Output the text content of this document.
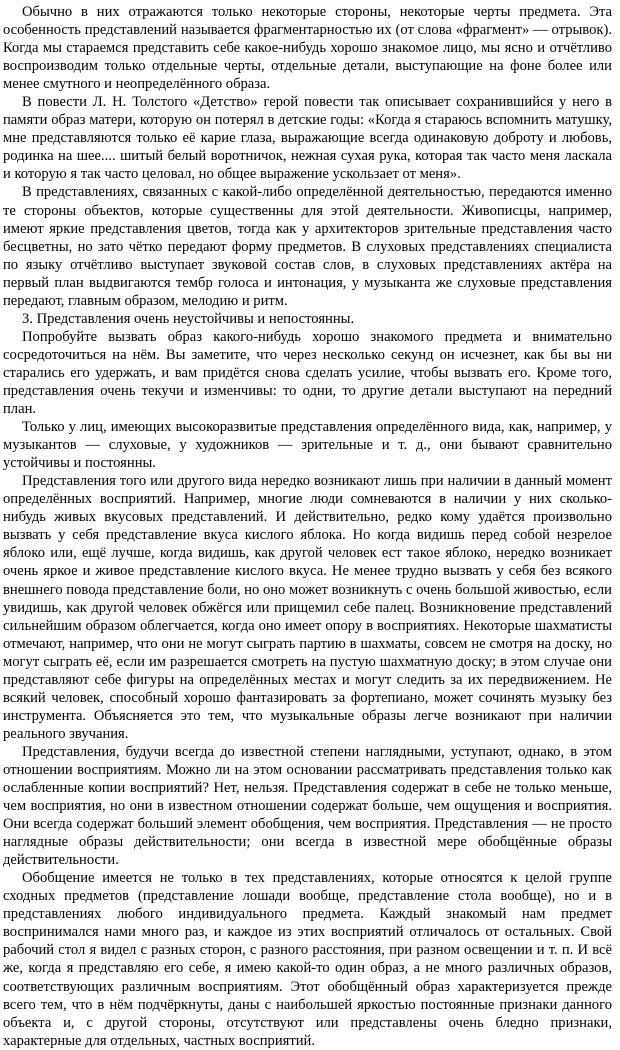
Обычно в них отражаются только некоторые стороны, некоторые черты предмета. Эта особенность представлений называется фрагментарностью их (от слова «фрагмент» — отрывок). Когда мы стараемся представить себе какое-нибудь хорошо знакомое лицо, мы ясно и отчётливо воспроизводим только отдельные черты, отдельные детали, выступающие на фоне более или менее смутного и неопределённого образа.

В повести Л. Н. Толстого «Детство» герой повести так описывает сохранившийся у него в памяти образ матери, которую он потерял в детские годы: «Когда я стараюсь вспомнить матушку, мне представляются только её карие глаза, выражающие всегда одинаковую доброту и любовь, родинка на шее.... шитый белый воротничок, нежная сухая рука, которая так часто меня ласкала и которую я так часто целовал, но общее выражение ускользает от меня».

В представлениях, связанных с какой-либо определённой деятельностью, передаются именно те стороны объектов, которые существенны для этой деятельности. Живописцы, например, имеют яркие представления цветов, тогда как у архитекторов зрительные представления часто бесцветны, но зато чётко передают форму предметов. В слуховых представлениях специалиста по языку отчётливо выступает звуковой состав слов, в слуховых представлениях актёра на первый план выдвигаются тембр голоса и интонация, у музыканта же слуховые представления передают, главным образом, мелодию и ритм.

3. Представления очень неустойчивы и непостоянны.

Попробуйте вызвать образ какого-нибудь хорошо знакомого предмета и внимательно сосредоточиться на нём. Вы заметите, что через несколько секунд он исчезнет, как бы вы ни старались его удержать, и вам придётся снова сделать усилие, чтобы вызвать его. Кроме того, представления очень текучи и изменчивы: то одни, то другие детали выступают на передний план.

Только у лиц, имеющих высокоразвитые представления определённого вида, как, например, у музыкантов — слуховые, у художников — зрительные и т. д., они бывают сравнительно устойчивы и постоянны.

Представления того или другого вида нередко возникают лишь при наличии в данный момент определённых восприятий. Например, многие люди сомневаются в наличии у них сколько-нибудь живых вкусовых представлений. И действительно, редко кому удаётся произвольно вызвать у себя представление вкуса кислого яблока. Но когда видишь перед собой незрелое яблоко или, ещё лучше, когда видишь, как другой человек ест такое яблоко, нередко возникает очень яркое и живое представление кислого вкуса. Не менее трудно вызвать у себя без всякого внешнего повода представление боли, но оно может возникнуть с очень большой живостью, если увидишь, как другой человек обжёгся или прищемил себе палец. Возникновение представлений сильнейшим образом облегчается, когда оно имеет опору в восприятиях. Некоторые шахматисты отмечают, например, что они не могут сыграть партию в шахматы, совсем не смотря на доску, но могут сыграть её, если им разрешается смотреть на пустую шахматную доску; в этом случае они представляют себе фигуры на определённых местах и могут следить за их передвижением. Не всякий человек, способный хорошо фантазировать за фортепиано, может сочинять музыку без инструмента. Объясняется это тем, что музыкальные образы легче возникают при наличии реального звучания.

Представления, будучи всегда до известной степени наглядными, уступают, однако, в этом отношении восприятиям. Можно ли на этом основании рассматривать представления только как ослабленные копии восприятий? Нет, нельзя. Представления содержат в себе не только меньше, чем восприятия, но они в известном отношении содержат больше, чем ощущения и восприятия. Они всегда содержат больший элемент обобщения, чем восприятия. Представления — не просто наглядные образы действительности; они всегда в известной мере обобщённые образы действительности.

Обобщение имеется не только в тех представлениях, которые относятся к целой группе сходных предметов (представление лошади вообще, представление стола вообще), но и в представлениях любого индивидуального предмета. Каждый знакомый нам предмет воспринимался нами много раз, и каждое из этих восприятий отличалось от остальных. Свой рабочий стол я видел с разных сторон, с разного расстояния, при разном освещении и т. п. И всё же, когда я представляю его себе, я имею какой-то один образ, а не много различных образов, соответствующих различным восприятиям. Этот обобщённый образ характеризуется прежде всего тем, что в нём подчёркнуты, даны с наибольшей яркостью постоянные признаки данного объекта и, с другой стороны, отсутствуют или представлены очень бледно признаки, характерные для отдельных, частных восприятий.
